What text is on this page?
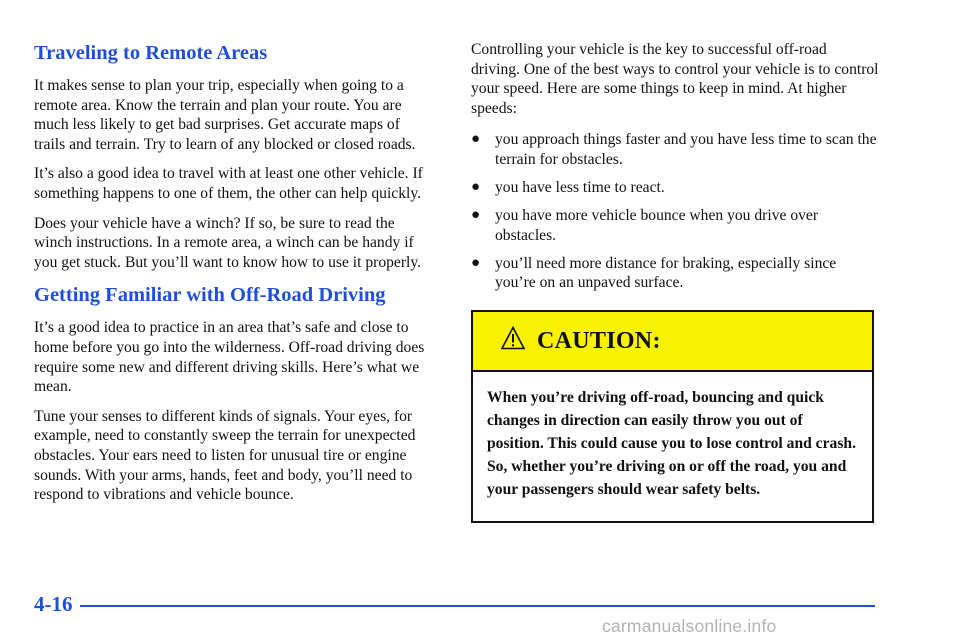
Traveling to Remote Areas

It makes sense to plan your trip, especially when going to a remote area. Know the terrain and plan your route. You are much less likely to get bad surprises. Get accurate maps of trails and terrain. Try to learn of any blocked or closed roads.

It’s also a good idea to travel with at least one other vehicle. If something happens to one of them, the other can help quickly.

Does your vehicle have a winch? If so, be sure to read the winch instructions. In a remote area, a winch can be handy if you get stuck. But you’ll want to know how to use it properly.

Getting Familiar with Off-Road Driving

It’s a good idea to practice in an area that’s safe and close to home before you go into the wilderness. Off-road driving does require some new and different driving skills. Here’s what we mean.

Tune your senses to different kinds of signals. Your eyes, for example, need to constantly sweep the terrain for unexpected obstacles. Your ears need to listen for unusual tire or engine sounds. With your arms, hands, feet and body, you’ll need to respond to vibrations and vehicle bounce.

Controlling your vehicle is the key to successful off-road driving. One of the best ways to control your vehicle is to control your speed. Here are some things to keep in mind. At higher speeds:

● you approach things faster and you have less time to scan the terrain for obstacles.
● you have less time to react.
● you have more vehicle bounce when you drive over obstacles.
● you’ll need more distance for braking, especially since you’re on an unpaved surface.
CAUTION:
When you’re driving off-road, bouncing and quick changes in direction can easily throw you out of position. This could cause you to lose control and crash. So, whether you’re driving on or off the road, you and your passengers should wear safety belts.
4-16
carmanualsonline.info
